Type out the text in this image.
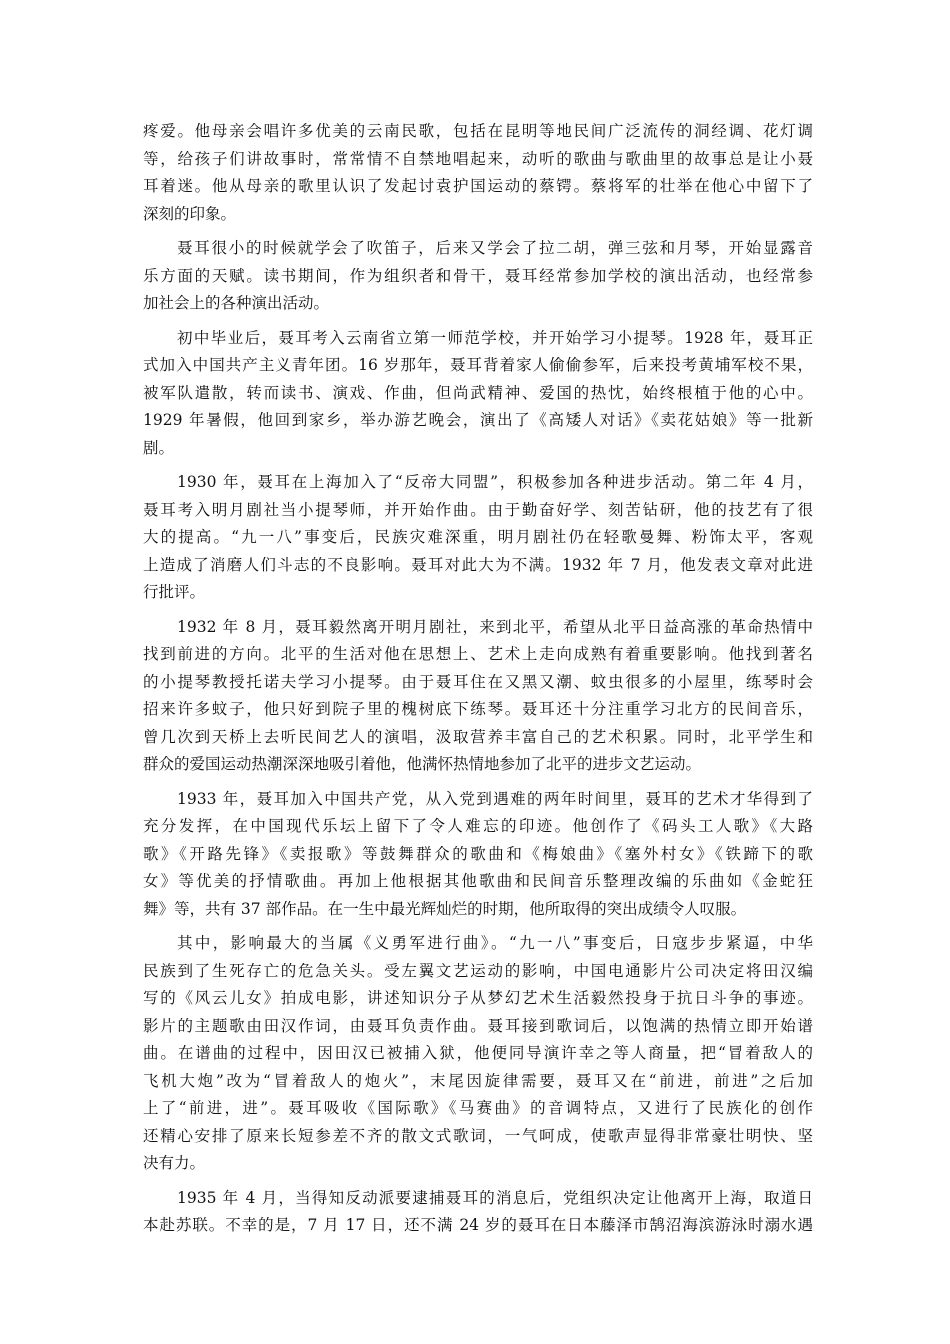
疼爱。他母亲会唱许多优美的云南民歌，包括在昆明等地民间广泛流传的洞经调、花灯调
等，给孩子们讲故事时，常常情不自禁地唱起来，动听的歌曲与歌曲里的故事总是让小聂
耳着迷。他从母亲的歌里认识了发起讨袁护国运动的蔡锷。蔡将军的壮举在他心中留下了
深刻的印象。
聂耳很小的时候就学会了吹笛子，后来又学会了拉二胡，弹三弦和月琴，开始显露音
乐方面的天赋。读书期间，作为组织者和骨干，聂耳经常参加学校的演出活动，也经常参
加社会上的各种演出活动。
初中毕业后，聂耳考入云南省立第一师范学校，并开始学习小提琴。1928 年，聂耳正
式加入中国共产主义青年团。16 岁那年，聂耳背着家人偷偷参军，后来投考黄埔军校不果，
被军队遣散，转而读书、演戏、作曲，但尚武精神、爱国的热忱，始终根植于他的心中。
1929 年暑假，他回到家乡，举办游艺晚会，演出了《高矮人对话》《卖花姑娘》等一批新
剧。
1930 年，聂耳在上海加入了“反帝大同盟”，积极参加各种进步活动。第二年 4 月，
聂耳考入明月剧社当小提琴师，并开始作曲。由于勤奋好学、刻苦钻研，他的技艺有了很
大的提高。“九一八”事变后，民族灾难深重，明月剧社仍在轻歌曼舞、粉饰太平，客观
上造成了消磨人们斗志的不良影响。聂耳对此大为不满。1932 年 7 月，他发表文章对此进
行批评。
1932 年 8 月，聂耳毅然离开明月剧社，来到北平，希望从北平日益高涨的革命热情中
找到前进的方向。北平的生活对他在思想上、艺术上走向成熟有着重要影响。他找到著名
的小提琴教授托诺夫学习小提琴。由于聂耳住在又黑又潮、蚊虫很多的小屋里，练琴时会
招来许多蚊子，他只好到院子里的槐树底下练琴。聂耳还十分注重学习北方的民间音乐，
曾几次到天桥上去听民间艺人的演唱，汲取营养丰富自己的艺术积累。同时，北平学生和
群众的爱国运动热潮深深地吸引着他，他满怀热情地参加了北平的进步文艺运动。
1933 年，聂耳加入中国共产党，从入党到遇难的两年时间里，聂耳的艺术才华得到了
充分发挥，在中国现代乐坛上留下了令人难忘的印迹。他创作了《码头工人歌》《大路
歌》《开路先锋》《卖报歌》等鼓舞群众的歌曲和《梅娘曲》《塞外村女》《铁蹄下的歌
女》等优美的抒情歌曲。再加上他根据其他歌曲和民间音乐整理改编的乐曲如《金蛇狂
舞》等，共有 37 部作品。在一生中最光辉灿烂的时期，他所取得的突出成绩令人叹服。
其中，影响最大的当属《义勇军进行曲》。“九一八”事变后，日寇步步紧逼，中华
民族到了生死存亡的危急关头。受左翼文艺运动的影响，中国电通影片公司决定将田汉编
写的《风云儿女》拍成电影，讲述知识分子从梦幻艺术生活毅然投身于抗日斗争的事迹。
影片的主题歌由田汉作词，由聂耳负责作曲。聂耳接到歌词后，以饱满的热情立即开始谱
曲。在谱曲的过程中，因田汉已被捕入狱，他便同导演许幸之等人商量，把“冒着敌人的
飞机大炮”改为“冒着敌人的炮火”，末尾因旋律需要，聂耳又在“前进，前进”之后加
上了“前进，进”。聂耳吸收《国际歌》《马赛曲》的音调特点，又进行了民族化的创作
还精心安排了原来长短参差不齐的散文式歌词，一气呵成，使歌声显得非常豪壮明快、坚
决有力。
1935 年 4 月，当得知反动派要逮捕聂耳的消息后，党组织决定让他离开上海，取道日
本赴苏联。不幸的是，7 月 17 日，还不满 24 岁的聂耳在日本藤泽市鹄沼海滨游泳时溺水遇
